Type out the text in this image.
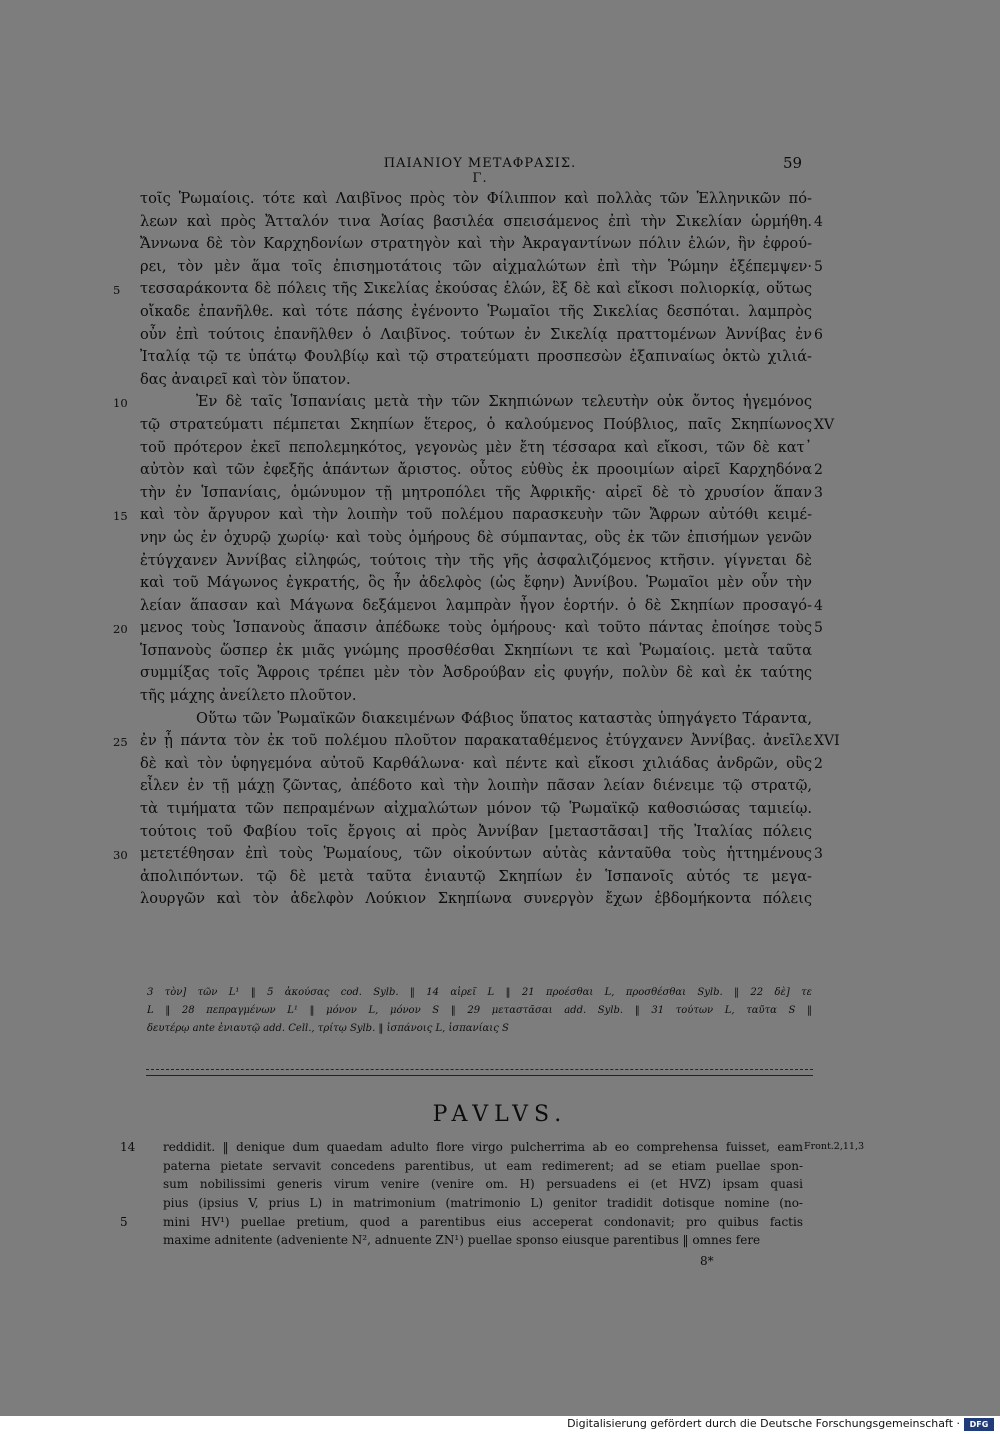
ΠΑΙΑΝΙΟΥ ΜΕΤΑΦΡΑΣΙΣ. Γ.
59
τοῖς Ῥωμαίοις. τότε καὶ Λαιβῖνος πρὸς τὸν Φίλιππον καὶ πολλὰς τῶν Ἑλληνικῶν πό-
4
λεων καὶ πρὸς Ἄτταλόν τινα Ἀσίας βασιλέα σπεισάμενος ἐπὶ τὴν Σικελίαν ὡρμήθη.
Ἄννωνα δὲ τὸν Καρχηδονίων στρατηγὸν καὶ τὴν Ἀκραγαντίνων πόλιν ἑλών, ἣν ἐφρού-
5
ρει, τὸν μὲν ἅμα τοῖς ἐπισημοτάτοις τῶν αἰχμαλώτων ἐπὶ τὴν Ῥώμην ἐξέπεμψεν·
5	τεσσαράκοντα δὲ πόλεις τῆς Σικελίας ἐκούσας ἑλών, ἓξ δὲ καὶ εἴκοσι πολιορκίᾳ, οὕτως
οἴκαδε ἐπανῆλθε. καὶ τότε πάσης ἐγένοντο Ῥωμαῖοι τῆς Σικελίας δεσπόται. λαμπρὸς
6
οὖν ἐπὶ τούτοις ἐπανῆλθεν ὁ Λαιβῖνος. τούτων ἐν Σικελίᾳ πραττομένων Ἀννίβας ἐν
Ἰταλίᾳ τῷ τε ὑπάτῳ Φουλβίῳ καὶ τῷ στρατεύματι προσπεσὼν ἐξαπιναίως ὀκτὼ χιλιά-
δας ἀναιρεῖ καὶ τὸν ὕπατον.
10	Ἐν δὲ ταῖς Ἱσπανίαις μετὰ τὴν τῶν Σκηπιώνων τελευτὴν οὐκ ὄντος ἡγεμόνος
XV
τῷ στρατεύματι πέμπεται Σκηπίων ἕτερος, ὁ καλούμενος Πούβλιος, παῖς Σκηπίωνος
τοῦ πρότερον ἐκεῖ πεπολεμηκότος, γεγονὼς μὲν ἔτη τέσσαρα καὶ εἴκοσι, τῶν δὲ κατ᾽
2
αὐτὸν καὶ τῶν ἐφεξῆς ἁπάντων ἄριστος. οὗτος εὐθὺς ἐκ προοιμίων αἱρεῖ Καρχηδόνα
3
τὴν ἐν Ἱσπανίαις, ὁμώνυμον τῇ μητροπόλει τῆς Ἀφρικῆς· αἱρεῖ δὲ τὸ χρυσίον ἅπαν
15 καὶ τὸν ἄργυρον καὶ τὴν λοιπὴν τοῦ πολέμου παρασκευὴν τῶν Ἄφρων αὐτόθι κειμέ-
νην ὡς ἐν ὀχυρῷ χωρίῳ· καὶ τοὺς ὁμήρους δὲ σύμπαντας, οὓς ἐκ τῶν ἐπισήμων γενῶν
ἐτύγχανεν Ἀννίβας εἰληφώς, τούτοις τὴν τῆς γῆς ἀσφαλιζόμενος κτῆσιν. γίγνεται δὲ
καὶ τοῦ Μάγωνος ἐγκρατής, ὃς ἦν ἀδελφὸς (ὡς ἔφην) Ἀννίβου. Ῥωμαῖοι μὲν οὖν τὴν
4
λείαν ἅπασαν καὶ Μάγωνα δεξάμενοι λαμπρὰν ἦγον ἑορτήν. ὁ δὲ Σκηπίων προσαγό-
5
20 μενος τοὺς Ἱσπανοὺς ἅπασιν ἀπέδωκε τοὺς ὁμήρους· καὶ τοῦτο πάντας ἐποίησε τοὺς
Ἱσπανοὺς ὥσπερ ἐκ μιᾶς γνώμης προσθέσθαι Σκηπίωνι τε καὶ Ῥωμαίοις. μετὰ ταῦτα
συμμίξας τοῖς Ἄφροις τρέπει μὲν τὸν Ἀσδρούβαν εἰς φυγήν, πολὺν δὲ καὶ ἐκ ταύτης
τῆς μάχης ἀνείλετο πλοῦτον.
Οὕτω τῶν Ῥωμαϊκῶν διακειμένων Φάβιος ὕπατος καταστὰς ὑπηγάγετο Τάραντα,
XVI
25 ἐν ᾗ πάντα τὸν ἐκ τοῦ πολέμου πλοῦτον παρακαταθέμενος ἐτύγχανεν Ἀννίβας. ἀνεῖλε
2
δὲ καὶ τὸν ὑφηγεμόνα αὐτοῦ Καρθάλωνα· καὶ πέντε καὶ εἴκοσι χιλιάδας ἀνδρῶν, οὓς
εἶλεν ἐν τῇ μάχῃ ζῶντας, ἀπέδοτο καὶ τὴν λοιπὴν πᾶσαν λείαν διένειμε τῷ στρατῷ,
τὰ τιμήματα τῶν πεπραμένων αἰχμαλώτων μόνον τῷ Ῥωμαϊκῷ καθοσιώσας ταμιείῳ.
τούτοις τοῦ Φαβίου τοῖς ἔργοις αἱ πρὸς Ἀννίβαν [μεταστᾶσαι] τῆς Ἰταλίας πόλεις
3
30 μετετέθησαν ἐπὶ τοὺς Ῥωμαίους, τῶν οἰκούντων αὐτὰς κἀνταῦθα τοὺς ἡττημένους
ἀπολιπόντων. τῷ δὲ μετὰ ταῦτα ἐνιαυτῷ Σκηπίων ἐν Ἱσπανοῖς αὐτός τε μεγα-
λουργῶν καὶ τὸν ἀδελφὸν Λούκιον Σκηπίωνα συνεργὸν ἔχων ἑβδομήκοντα πόλεις
3 τὸν] τῶν L¹ ‖ 5 ἀκούσας cod. Sylb. ‖ 14 αἱρεῖ L ‖ 21 προέσθαι L, προσθέσθαι Sylb. ‖ 22 δὲ] τε
L ‖ 28 πεπραγμένων L¹ ‖ μόνον L, μόνον S ‖ 29 μεταστᾶσαι add. Sylb. ‖ 31 τούτων L, ταῦτα S ‖
δευτέρῳ ante ἐνιαυτῷ add. Cell., τρίτῳ Sylb. ‖ ἰσπάνοις L, ἰσπανίαις S
PAVLVS.
14 reddidit. ‖ denique dum quaedam adulto flore virgo pulcherrima ab eo comprehensa fuisset, eam Front.2,11,3
paterna pietate servavit concedens parentibus, ut eam redimerent; ad se etiam puellae spon-
sum nobilissimi generis virum venire (venire om. H) persuadens ei (et HVZ) ipsam quasi
pius (ipsius V, prius L) in matrimonium (matrimonio L) genitor tradidit dotisque nomine (no-
5	mini HV¹) puellae pretium, quod a parentibus eius acceperat condonavit; pro quibus factis
maxime adnitente (adveniente N², adnuente ZN¹) puellae sponso eiusque parentibus ‖ omnes fere
8*
Digitalisierung gefördert durch die Deutsche Forschungsgemeinschaft ·	DFG
